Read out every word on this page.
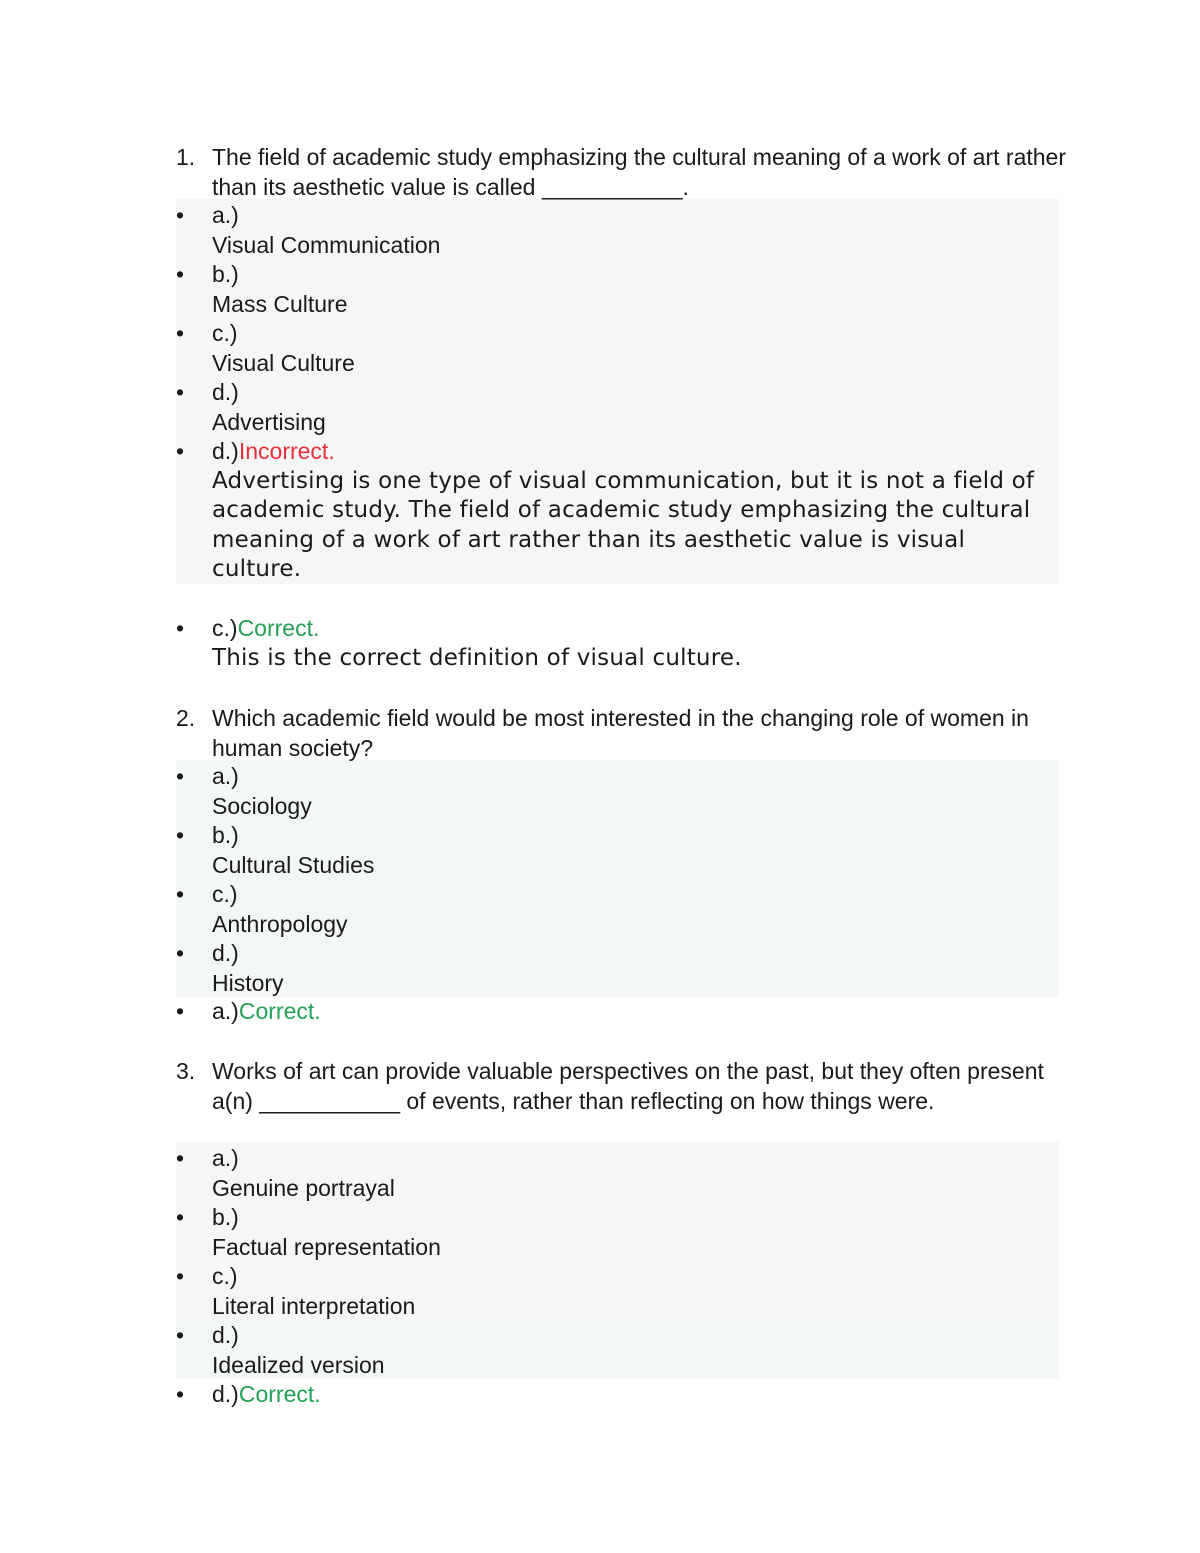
1. The field of academic study emphasizing the cultural meaning of a work of art rather than its aesthetic value is called ___________.
• a.)
Visual Communication
• b.)
Mass Culture
• c.)
Visual Culture
• d.)
Advertising
• d.)Incorrect.
Advertising is one type of visual communication, but it is not a field of academic study. The field of academic study emphasizing the cultural meaning of a work of art rather than its aesthetic value is visual culture.
• c.)Correct.
This is the correct definition of visual culture.
2. Which academic field would be most interested in the changing role of women in human society?
• a.)
Sociology
• b.)
Cultural Studies
• c.)
Anthropology
• d.)
History
• a.)Correct.
3. Works of art can provide valuable perspectives on the past, but they often present a(n) ___________ of events, rather than reflecting on how things were.
• a.)
Genuine portrayal
• b.)
Factual representation
• c.)
Literal interpretation
• d.)
Idealized version
• d.)Correct.
